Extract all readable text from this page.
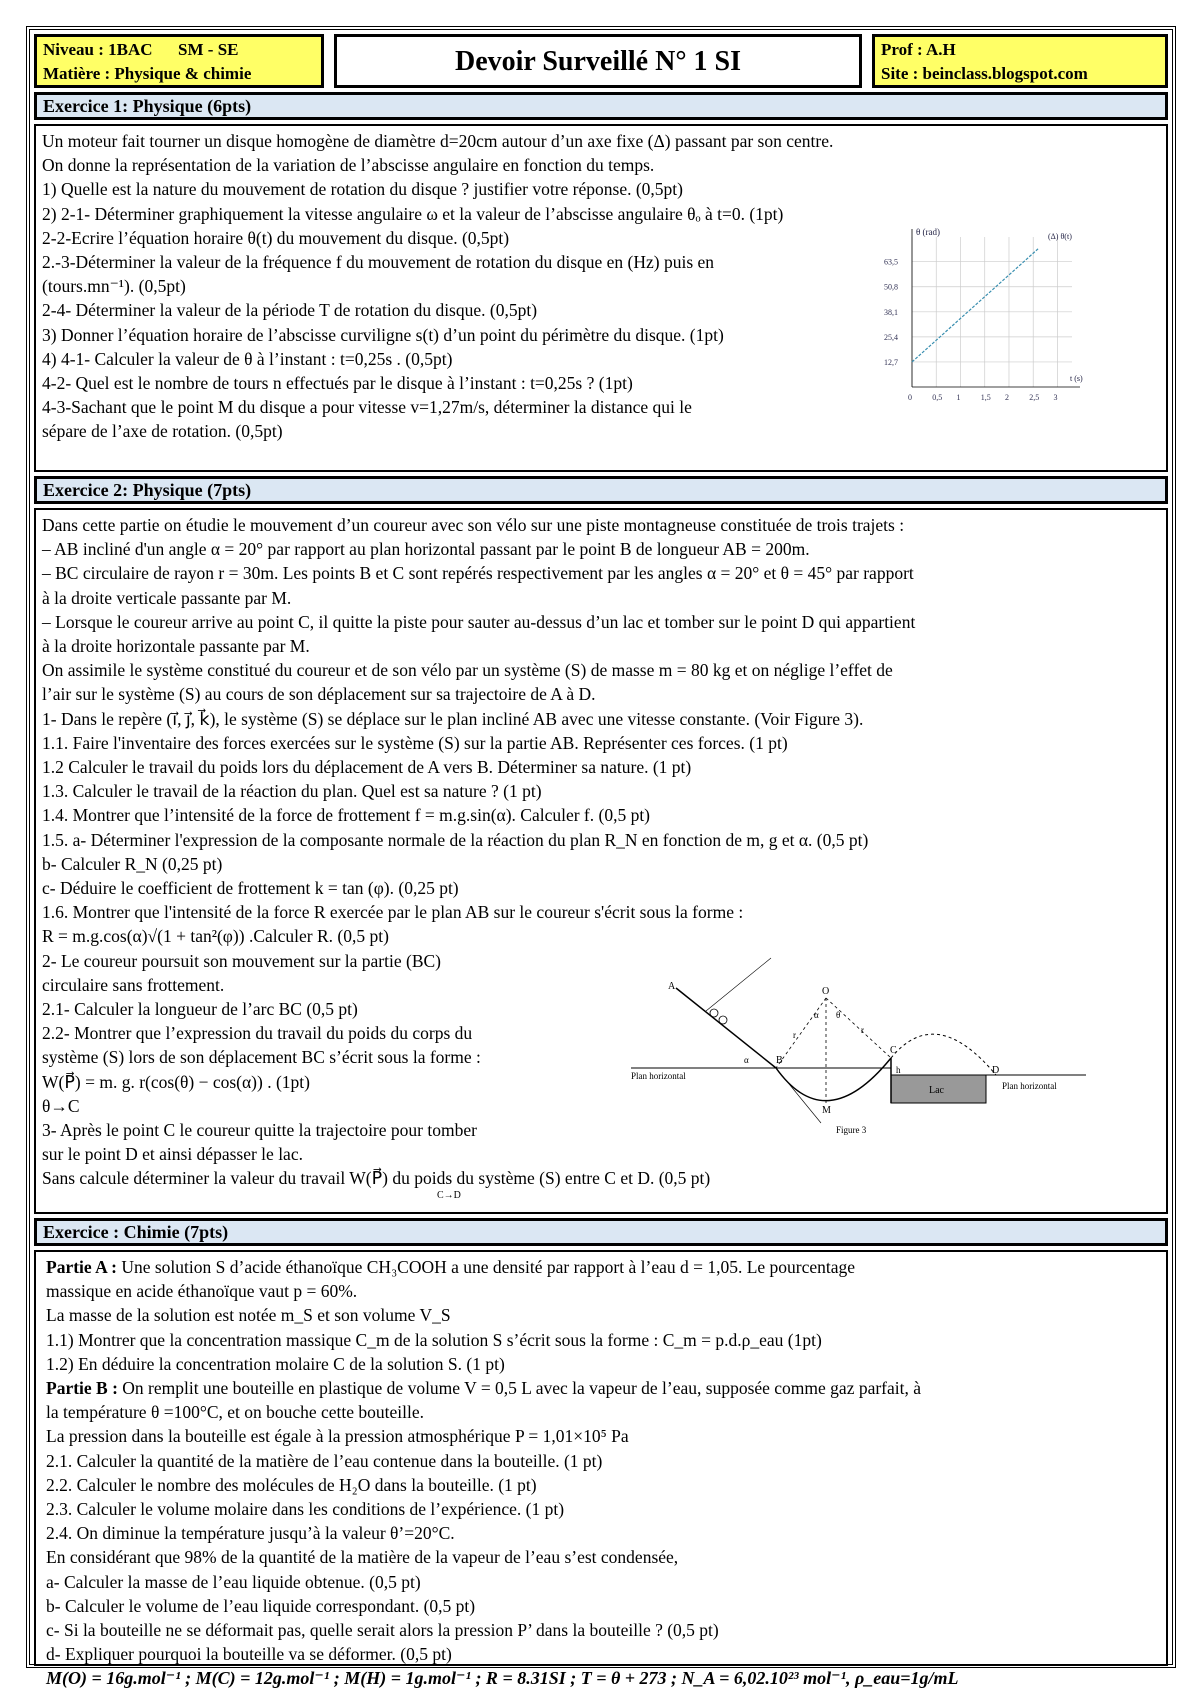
Niveau : 1BAC      SM - SE
Matière : Physique & chimie	Devoir Surveillé N° 1 SI	Prof : A.H
Site : beinclass.blogspot.com
Exercice 1: Physique (6pts)
Un moteur fait tourner un disque homogène de diamètre d=20cm autour d’un axe fixe (Δ) passant par son centre.
On donne la représentation de la variation de l’abscisse angulaire en fonction du temps.
1) Quelle est la nature du mouvement de rotation du disque ? justifier votre réponse. (0,5pt)
2) 2-1- Déterminer graphiquement la vitesse angulaire ω et la valeur de l’abscisse angulaire θₒ à t=0. (1pt)
2-2-Ecrire l’équation horaire θ(t) du mouvement du disque. (0,5pt)
2.-3-Déterminer la valeur de la fréquence f du mouvement de rotation du disque en (Hz) puis en
(tours.mn⁻¹). (0,5pt)
2-4- Déterminer la valeur de la période T de rotation du disque. (0,5pt)
3) Donner l’équation horaire de l’abscisse curviligne s(t) d’un point du périmètre du disque. (1pt)
4) 4-1- Calculer la valeur de θ à l’instant : t=0,25s . (0,5pt)
4-2- Quel est le nombre de tours n effectués par le disque à l’instant : t=0,25s ? (1pt)
4-3-Sachant que le point M du disque a pour vitesse v=1,27m/s, déterminer la distance qui le
sépare de l’axe de rotation. (0,5pt)
0	0,5 1	1,5 2	2,5 3
12,7
25,4
38,1
50,8
63,5
θ (rad)
t (s)
(Δ) θ(t)
Exercice 2: Physique (7pts)
Dans cette partie on étudie le mouvement d’un coureur avec son vélo sur une piste montagneuse constituée de trois trajets :
– AB incliné d'un angle α = 20° par rapport au plan horizontal passant par le point B de longueur AB = 200m.
– BC circulaire de rayon r = 30m. Les points B et C sont repérés respectivement par les angles α = 20° et θ = 45° par rapport
à la droite verticale passante par M.
– Lorsque le coureur arrive au point C, il quitte la piste pour sauter au-dessus d’un lac et tomber sur le point D qui appartient
à la droite horizontale passante par M.
On assimile le système constitué du coureur et de son vélo par un système (S) de masse m = 80 kg et on néglige l’effet de
l’air sur le système (S) au cours de son déplacement sur sa trajectoire de A à D.
1- Dans le repère (i⃗, j⃗, k⃗), le système (S) se déplace sur le plan incliné AB avec une vitesse constante. (Voir Figure 3).
1.1. Faire l'inventaire des forces exercées sur le système (S) sur la partie AB. Représenter ces forces. (1 pt)
1.2 Calculer le travail du poids lors du déplacement de A vers B. Déterminer sa nature. (1 pt)
1.3. Calculer le travail de la réaction du plan. Quel est sa nature ? (1 pt)
1.4. Montrer que l’intensité de la force de frottement f = m.g.sin(α). Calculer f. (0,5 pt)
1.5. a- Déterminer l'expression de la composante normale de la réaction du plan R_N en fonction de m, g et α. (0,5 pt)
b- Calculer R_N (0,25 pt)
c- Déduire le coefficient de frottement k = tan (φ). (0,25 pt)
1.6. Montrer que l'intensité de la force R exercée par le plan AB sur le coureur s'écrit sous la forme :
R = m.g.cos(α)√(1 + tan²(φ)) .Calculer R. (0,5 pt)
2- Le coureur poursuit son mouvement sur la partie (BC)
circulaire sans frottement.
2.1- Calculer la longueur de l’arc BC (0,5 pt)
2.2- Montrer que l’expression du travail du poids du corps du
système (S) lors de son déplacement BC s’écrit sous la forme :
W(P⃗) = m. g. r(cos(θ) − cos(α)) . (1pt)
θ→C
3- Après le point C le coureur quitte la trajectoire pour tomber
sur le point D et ainsi dépasser le lac.
Sans calcule déterminer la valeur du travail W(P⃗) du poids du système (S) entre C et D. (0,5 pt)
C→D
A
B
M
O
C
D
α
α θ
r	r
h
Plan horizontal
Plan horizontal
Lac
Figure 3
Exercice : Chimie (7pts)
Partie A : Une solution S d’acide éthanoïque CH₃COOH a une densité par rapport à l’eau d = 1,05. Le pourcentage
massique en acide éthanoïque vaut p = 60%.
La masse de la solution est notée m_S et son volume V_S
1.1) Montrer que la concentration massique C_m de la solution S s’écrit sous la forme : C_m = p.d.ρ_eau (1pt)
1.2) En déduire la concentration molaire C de la solution S. (1 pt)
Partie B : On remplit une bouteille en plastique de volume V = 0,5 L avec la vapeur de l’eau, supposée comme gaz parfait, à
la température θ =100°C, et on bouche cette bouteille.
La pression dans la bouteille est égale à la pression atmosphérique P = 1,01×10⁵ Pa
2.1. Calculer la quantité de la matière de l’eau contenue dans la bouteille. (1 pt)
2.2. Calculer le nombre des molécules de H₂O dans la bouteille. (1 pt)
2.3. Calculer le volume molaire dans les conditions de l’expérience. (1 pt)
2.4. On diminue la température jusqu’à la valeur θ’=20°C.
En considérant que 98% de la quantité de la matière de la vapeur de l’eau s’est condensée,
a- Calculer la masse de l’eau liquide obtenue. (0,5 pt)
b- Calculer le volume de l’eau liquide correspondant. (0,5 pt)
c- Si la bouteille ne se déformait pas, quelle serait alors la pression P’ dans la bouteille ? (0,5 pt)
d- Expliquer pourquoi la bouteille va se déformer. (0,5 pt)
M(O) = 16g.mol⁻¹ ; M(C) = 12g.mol⁻¹ ; M(H) = 1g.mol⁻¹ ; R = 8.31SI ; T = θ + 273 ; N_A = 6,02.10²³ mol⁻¹, ρ_eau=1g/mL
